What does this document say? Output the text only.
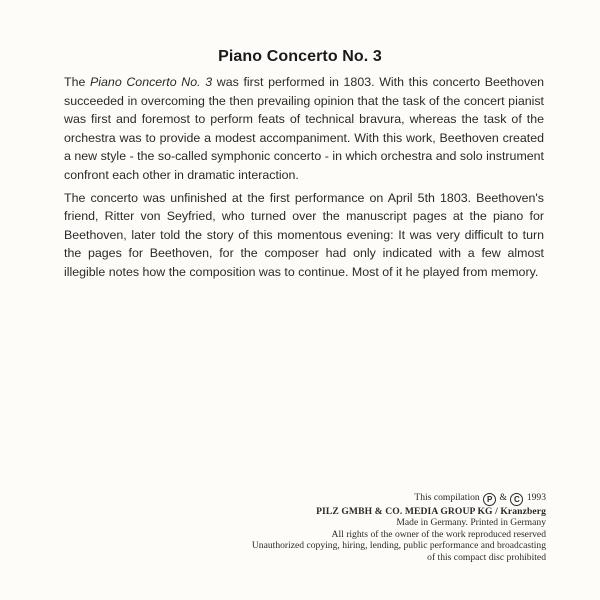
Piano Concerto No. 3

The Piano Concerto No. 3 was first performed in 1803. With this concerto Beethoven succeeded in overcoming the then prevailing opinion that the task of the concert pianist was first and foremost to perform feats of technical bravura, whereas the task of the orchestra was to provide a modest accompaniment. With this work, Beethoven created a new style - the so-called symphonic concerto - in which orchestra and solo instrument confront each other in dramatic interaction.

The concerto was unfinished at the first performance on April 5th 1803. Beethoven's friend, Ritter von Seyfried, who turned over the manuscript pages at the piano for Beethoven, later told the story of this momentous evening: It was very difficult to turn the pages for Beethoven, for the composer had only indicated with a few almost illegible notes how the composition was to continue. Most of it he played from memory.

This compilation P & C 1993
PILZ GMBH & CO. MEDIA GROUP KG / Kranzberg
Made in Germany. Printed in Germany
All rights of the owner of the work reproduced reserved
Unauthorized copying, hiring, lending, public performance and broadcasting
of this compact disc prohibited
